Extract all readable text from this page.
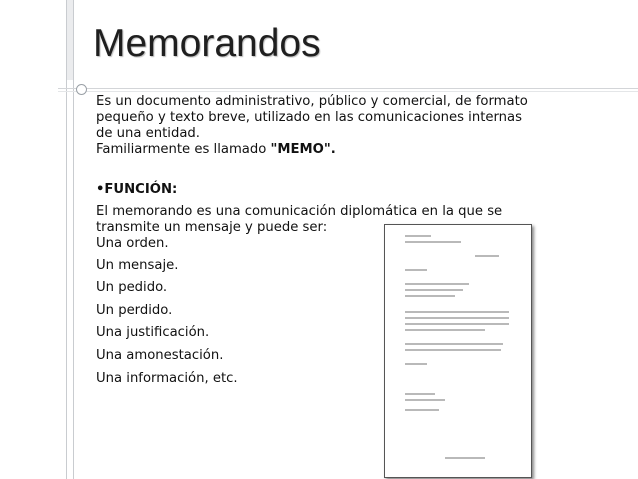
Memorandos
Es un documento administrativo, público y comercial, de formato
pequeño y texto breve, utilizado en las comunicaciones internas
de una entidad.
Familiarmente es llamado "MEMO".
•FUNCIÓN:
El memorando es una comunicación diplomática en la que se
transmite un mensaje y puede ser:
Una orden.
Un mensaje.
Un pedido.
Un perdido.
Una justificación.
Una amonestación.
Una información, etc.
